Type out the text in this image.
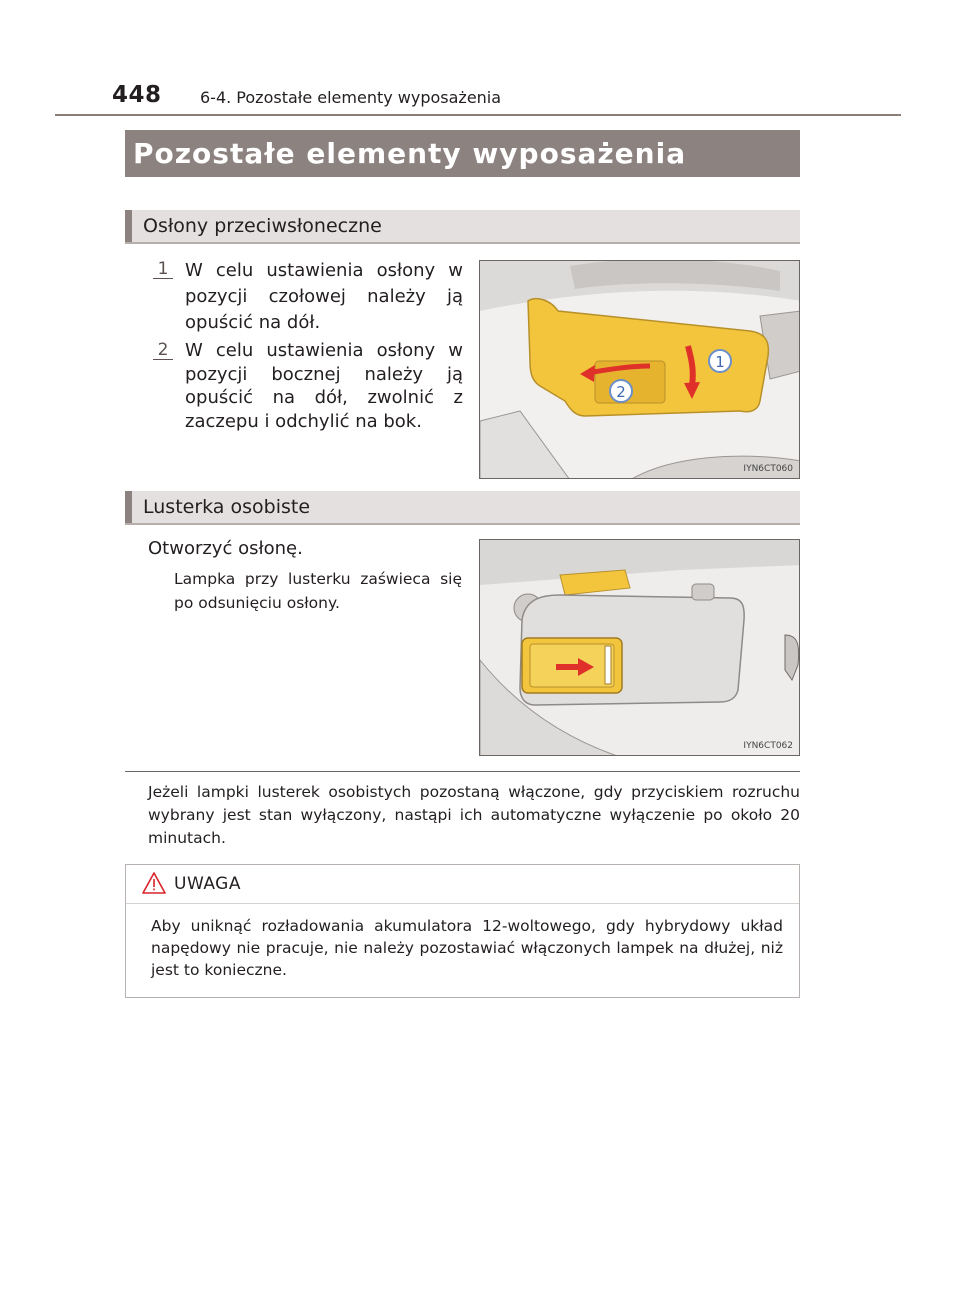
448 6-4. Pozostałe elementy wyposażenia
Pozostałe elementy wyposażenia
Osłony przeciwsłoneczne
1 W celu ustawienia osłony w pozycji czołowej należy ją opuścić na dół.
2 W celu ustawienia osłony w pozycji bocznej należy ją opuścić na dół, zwolnić z zaczepu i odchylić na bok.
1
2
IYN6CT060
Lusterka osobiste
Otworzyć osłonę.
Lampka przy lusterku zaświeca się po odsunięciu osłony.
IYN6CT062
Jeżeli lampki lusterek osobistych pozostaną włączone, gdy przyciskiem rozruchu wybrany jest stan wyłączony, nastąpi ich automatyczne wyłączenie po około 20 minutach.
UWAGA
Aby uniknąć rozładowania akumulatora 12-woltowego, gdy hybrydowy układ napędowy nie pracuje, nie należy pozostawiać włączonych lampek na dłużej, niż jest to konieczne.
